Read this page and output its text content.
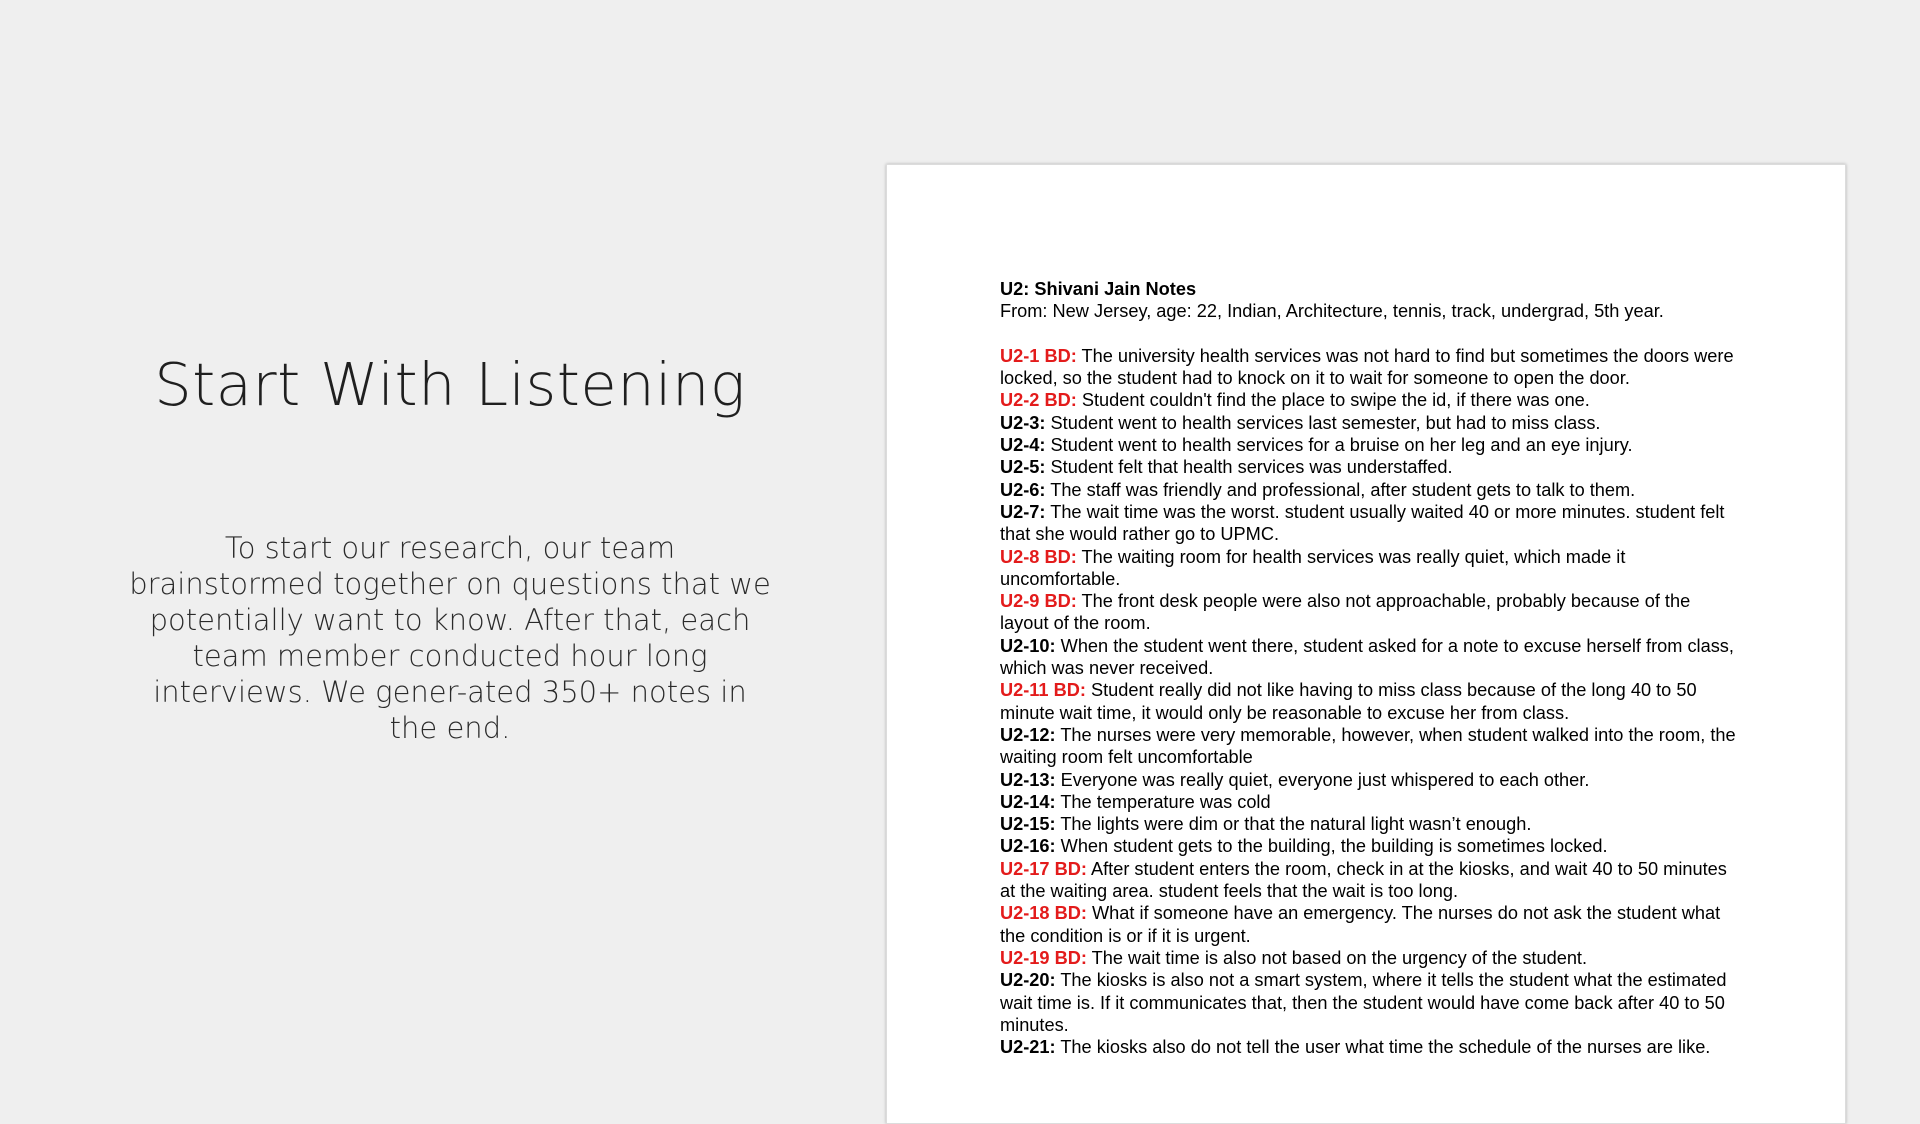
Start With Listening
To start our research, our team brainstormed together on questions that we potentially want to know. After that, each team member conducted hour long interviews. We gener-ated 350+ notes in the end.
U2: Shivani Jain Notes
From: New Jersey, age: 22, Indian, Architecture, tennis, track, undergrad, 5th year.
U2-1 BD: The university health services was not hard to find but sometimes the doors were locked, so the student had to knock on it to wait for someone to open the door.
U2-2 BD: Student couldn't find the place to swipe the id, if there was one.
U2-3: Student went to health services last semester, but had to miss class.
U2-4: Student went to health services for a bruise on her leg and an eye injury.
U2-5: Student felt that health services was understaffed.
U2-6: The staff was friendly and professional, after student gets to talk to them.
U2-7: The wait time was the worst. student usually waited 40 or more minutes. student felt that she would rather go to UPMC.
U2-8 BD: The waiting room for health services was really quiet, which made it uncomfortable.
U2-9 BD: The front desk people were also not approachable, probably because of the layout of the room.
U2-10: When the student went there, student asked for a note to excuse herself from class, which was never received.
U2-11 BD: Student really did not like having to miss class because of the long 40 to 50 minute wait time, it would only be reasonable to excuse her from class.
U2-12: The nurses were very memorable, however, when student walked into the room, the waiting room felt uncomfortable
U2-13: Everyone was really quiet, everyone just whispered to each other.
U2-14: The temperature was cold
U2-15: The lights were dim or that the natural light wasn’t enough.
U2-16: When student gets to the building, the building is sometimes locked.
U2-17 BD: After student enters the room, check in at the kiosks, and wait 40 to 50 minutes at the waiting area. student feels that the wait is too long.
U2-18 BD: What if someone have an emergency. The nurses do not ask the student what the condition is or if it is urgent.
U2-19 BD: The wait time is also not based on the urgency of the student.
U2-20: The kiosks is also not a smart system, where it tells the student what the estimated wait time is. If it communicates that, then the student would have come back after 40 to 50 minutes.
U2-21: The kiosks also do not tell the user what time the schedule of the nurses are like.
